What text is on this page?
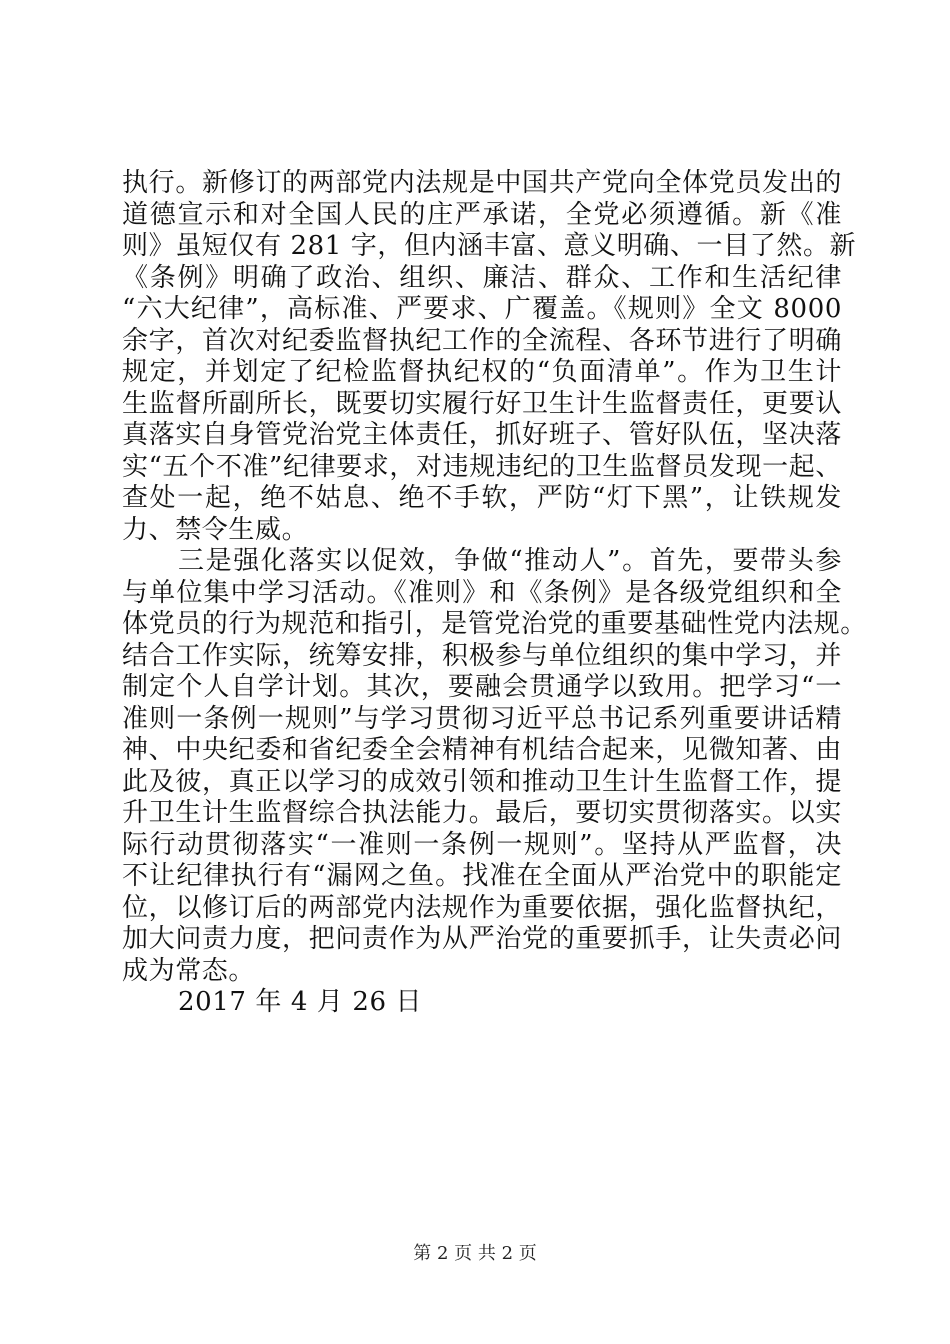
执行。新修订的两部党内法规是中国共产党向全体党员发出的
道德宣示和对全国人民的庄严承诺，全党必须遵循。新《准
则》虽短仅有 281 字，但内涵丰富、意义明确、一目了然。新
《条例》明确了政治、组织、廉洁、群众、工作和生活纪律
“六大纪律”，高标准、严要求、广覆盖。《规则》全文 8000
余字，首次对纪委监督执纪工作的全流程、各环节进行了明确
规定，并划定了纪检监督执纪权的“负面清单”。作为卫生计
生监督所副所长，既要切实履行好卫生计生监督责任，更要认
真落实自身管党治党主体责任，抓好班子、管好队伍，坚决落
实“五个不准”纪律要求，对违规违纪的卫生监督员发现一起、
查处一起，绝不姑息、绝不手软，严防“灯下黑”，让铁规发
力、禁令生威。
三是强化落实以促效，争做“推动人”。首先，要带头参
与单位集中学习活动。《准则》和《条例》是各级党组织和全
体党员的行为规范和指引，是管党治党的重要基础性党内法规。
结合工作实际，统筹安排，积极参与单位组织的集中学习，并
制定个人自学计划。其次，要融会贯通学以致用。把学习“一
准则一条例一规则”与学习贯彻习近平总书记系列重要讲话精
神、中央纪委和省纪委全会精神有机结合起来，见微知著、由
此及彼，真正以学习的成效引领和推动卫生计生监督工作，提
升卫生计生监督综合执法能力。最后，要切实贯彻落实。以实
际行动贯彻落实“一准则一条例一规则”。坚持从严监督，决
不让纪律执行有“漏网之鱼。找准在全面从严治党中的职能定
位，以修订后的两部党内法规作为重要依据，强化监督执纪，
加大问责力度，把问责作为从严治党的重要抓手，让失责必问
成为常态。
2017 年 4 月 26 日
第 2 页 共 2 页
